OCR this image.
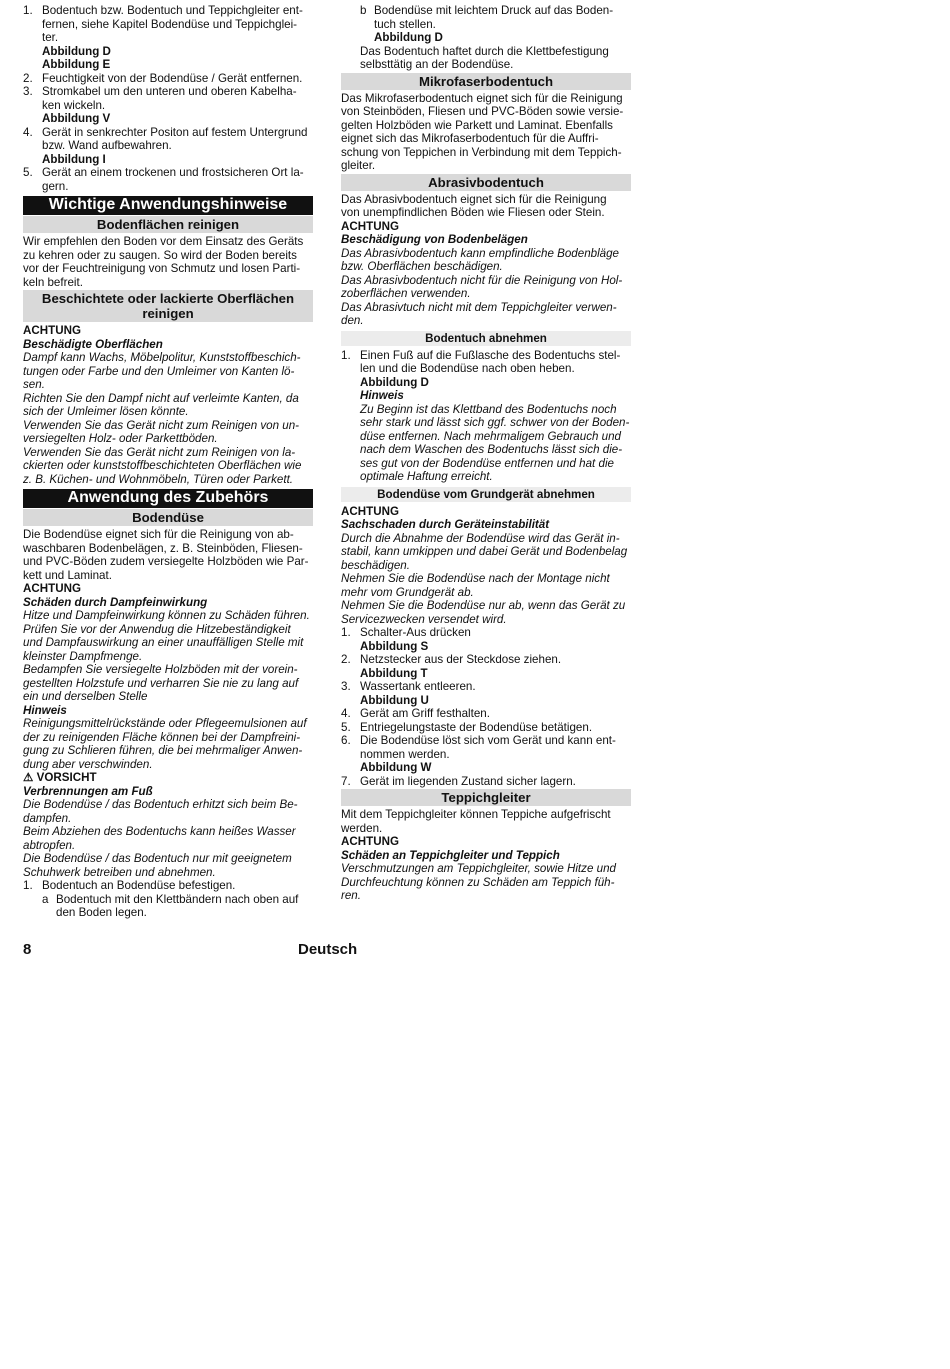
1. Bodentuch bzw. Bodentuch und Teppichgleiter ent-
fernen, siehe Kapitel Bodendüse und Teppichglei-
ter.
Abbildung D
Abbildung E
2. Feuchtigkeit von der Bodendüse / Gerät entfernen.
3. Stromkabel um den unteren und oberen Kabelha-
ken wickeln.
Abbildung V
4. Gerät in senkrechter Positon auf festem Untergrund
bzw. Wand aufbewahren.
Abbildung I
5. Gerät an einem trockenen und frostsicheren Ort la-
gern.
Wichtige Anwendungshinweise
Bodenflächen reinigen
Wir empfehlen den Boden vor dem Einsatz des Geräts
zu kehren oder zu saugen. So wird der Boden bereits
vor der Feuchtreinigung von Schmutz und losen Parti-
keln befreit.
Beschichtete oder lackierte Oberflächen reinigen
ACHTUNG
Beschädigte Oberflächen
Dampf kann Wachs, Möbelpolitur, Kunststoffbeschich-
tungen oder Farbe und den Umleimer von Kanten lö-
sen.
Richten Sie den Dampf nicht auf verleimte Kanten, da
sich der Umleimer lösen könnte.
Verwenden Sie das Gerät nicht zum Reinigen von un-
versiegelten Holz- oder Parkettböden.
Verwenden Sie das Gerät nicht zum Reinigen von la-
ckierten oder kunststoffbeschichteten Oberflächen wie
z. B. Küchen- und Wohnmöbeln, Türen oder Parkett.
Anwendung des Zubehörs
Bodendüse
Die Bodendüse eignet sich für die Reinigung von ab-
waschbaren Bodenbelägen, z. B. Steinböden, Fliesen-
und PVC-Böden zudem versiegelte Holzböden wie Par-
kett und Laminat.
ACHTUNG
Schäden durch Dampfeinwirkung
Hitze und Dampfeinwirkung können zu Schäden führen.
Prüfen Sie vor der Anwendug die Hitzebeständigkeit
und Dampfauswirkung an einer unauffälligen Stelle mit
kleinster Dampfmenge.
Bedampfen Sie versiegelte Holzböden mit der vorein-
gestellten Holzstufe und verharren Sie nie zu lang auf
ein und derselben Stelle
Hinweis
Reinigungsmittelrückstände oder Pflegeemulsionen auf
der zu reinigenden Fläche können bei der Dampfreini-
gung zu Schlieren führen, die bei mehrmaliger Anwen-
dung aber verschwinden.
⚠ VORSICHT
Verbrennungen am Fuß
Die Bodendüse / das Bodentuch erhitzt sich beim Be-
dampfen.
Beim Abziehen des Bodentuchs kann heißes Wasser
abtropfen.
Die Bodendüse / das Bodentuch nur mit geeignetem
Schuhwerk betreiben und abnehmen.
1. Bodentuch an Bodendüse befestigen.
a Bodentuch mit den Klettbändern nach oben auf
den Boden legen.
b Bodendüse mit leichtem Druck auf das Boden-
tuch stellen.
Abbildung D
Das Bodentuch haftet durch die Klettbefestigung
selbsttätig an der Bodendüse.
Mikrofaserbodentuch
Das Mikrofaserbodentuch eignet sich für die Reinigung
von Steinböden, Fliesen und PVC-Böden sowie versie-
gelten Holzböden wie Parkett und Laminat. Ebenfalls
eignet sich das Mikrofaserbodentuch für die Auffri-
schung von Teppichen in Verbindung mit dem Teppich-
gleiter.
Abrasivbodentuch
Das Abrasivbodentuch eignet sich für die Reinigung
von unempfindlichen Böden wie Fliesen oder Stein.
ACHTUNG
Beschädigung von Bodenbelägen
Das Abrasivbodentuch kann empfindliche Bodenbläge
bzw. Oberflächen beschädigen.
Das Abrasivbodentuch nicht für die Reinigung von Hol-
zoberflächen verwenden.
Das Abrasivtuch nicht mit dem Teppichgleiter verwen-
den.
Bodentuch abnehmen
1. Einen Fuß auf die Fußlasche des Bodentuchs stel-
len und die Bodendüse nach oben heben.
Abbildung D
Hinweis
Zu Beginn ist das Klettband des Bodentuchs noch
sehr stark und lässt sich ggf. schwer von der Boden-
düse entfernen. Nach mehrmaligem Gebrauch und
nach dem Waschen des Bodentuchs lässt sich die-
ses gut von der Bodendüse entfernen und hat die
optimale Haftung erreicht.
Bodendüse vom Grundgerät abnehmen
ACHTUNG
Sachschaden durch Geräteinstabilität
Durch die Abnahme der Bodendüse wird das Gerät in-
stabil, kann umkippen und dabei Gerät und Bodenbelag
beschädigen.
Nehmen Sie die Bodendüse nach der Montage nicht
mehr vom Grundgerät ab.
Nehmen Sie die Bodendüse nur ab, wenn das Gerät zu
Servicezwecken versendet wird.
1. Schalter-Aus drücken
Abbildung S
2. Netzstecker aus der Steckdose ziehen.
Abbildung T
3. Wassertank entleeren.
Abbildung U
4. Gerät am Griff festhalten.
5. Entriegelungstaste der Bodendüse betätigen.
6. Die Bodendüse löst sich vom Gerät und kann ent-
nommen werden.
Abbildung W
7. Gerät im liegenden Zustand sicher lagern.
Teppichgleiter
Mit dem Teppichgleiter können Teppiche aufgefrischt
werden.
ACHTUNG
Schäden an Teppichgleiter und Teppich
Verschmutzungen am Teppichgleiter, sowie Hitze und
Durchfeuchtung können zu Schäden am Teppich füh-
ren.
8	Deutsch
